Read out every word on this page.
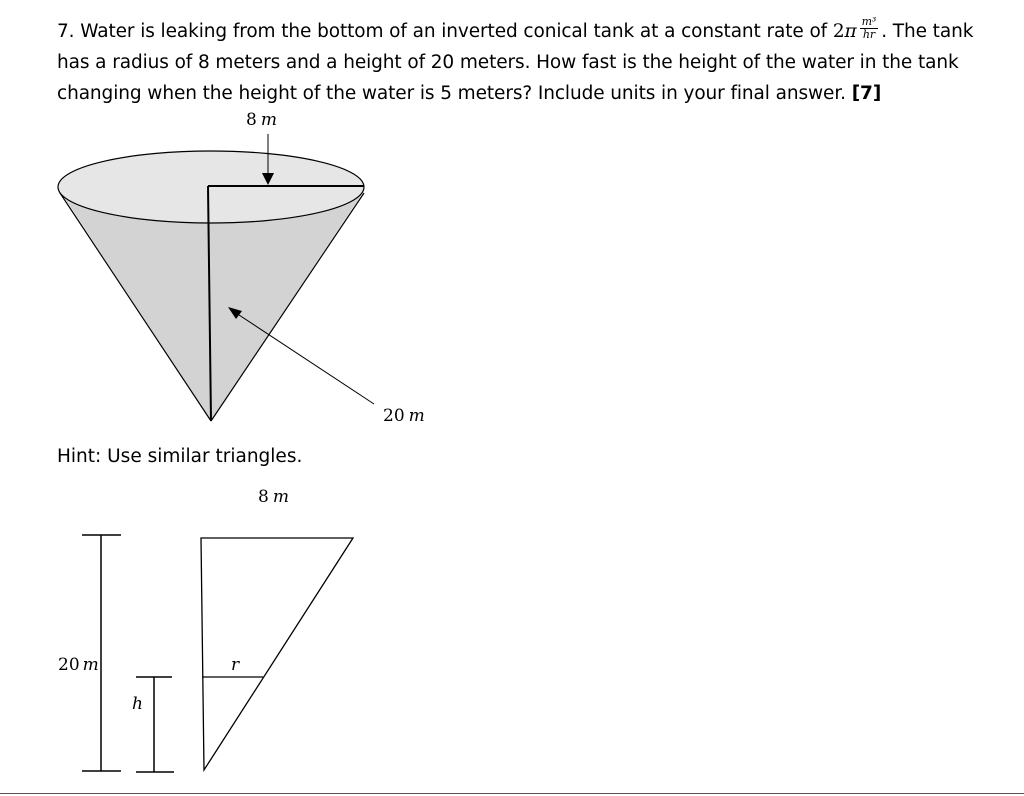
7. Water is leaking from the bottom of an inverted conical tank at a constant rate of $2\pi \frac{\text{m³}}{hr}$ . The tank
has a radius of 8 meters and a height of 20 meters. How fast is the height of the water in the tank
changing when the height of the water is 5 meters? Include units in your final answer. [7]
8 m
20 m
8 m
20 m
h
r
Hint: Use similar triangles.
